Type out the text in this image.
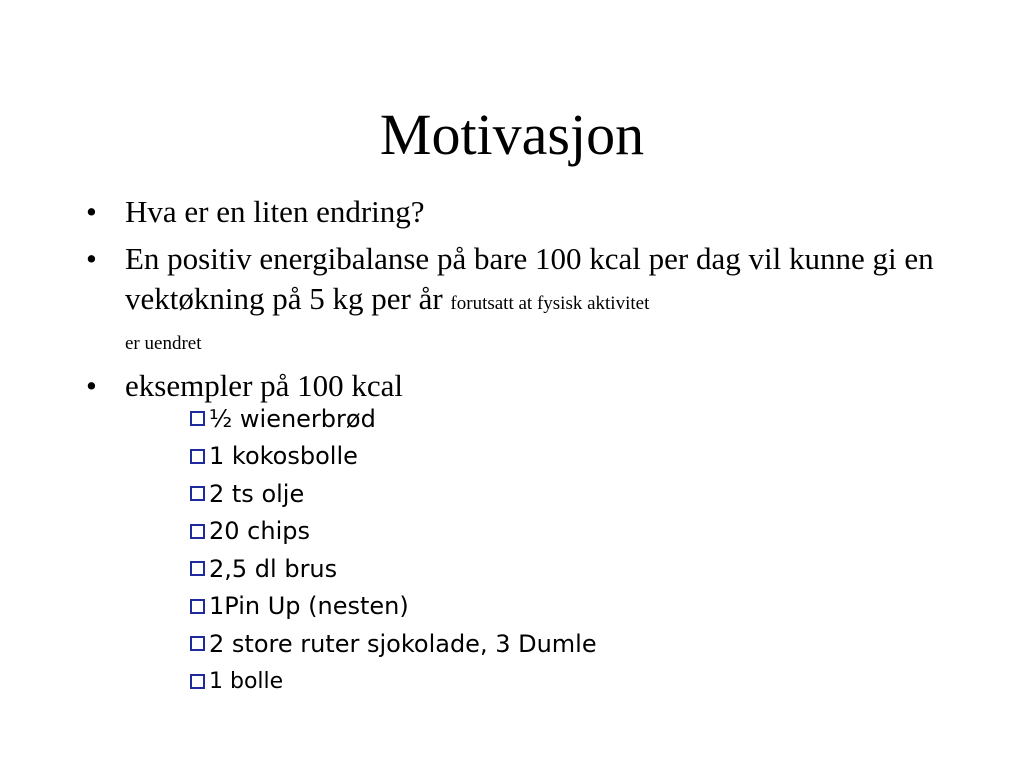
Motivasjon
• Hva er en liten endring?
• En positiv energibalanse på bare 100 kcal per dag vil kunne gi en vektøkning på 5 kg per år forutsatt at fysisk aktivitet
er uendret
• eksempler på 100 kcal
½ wienerbrød
1 kokosbolle
2 ts olje
20 chips
2,5 dl brus
1Pin Up (nesten)
2 store ruter sjokolade, 3 Dumle
1 bolle
